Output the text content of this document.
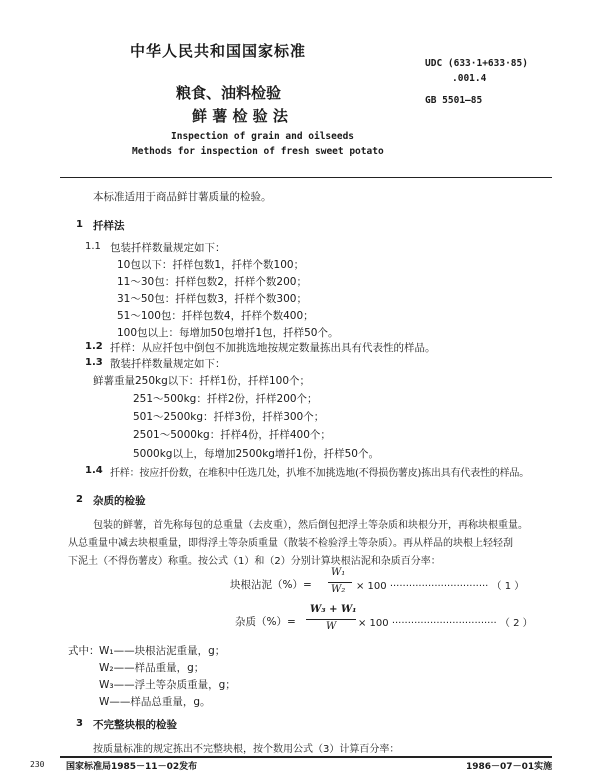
中华人民共和国国家标准
UDC (633·1+633·85)
.001.4
粮食、油料检验	GB 5501—85
鲜 薯 检 验 法
Inspection of grain and oilseeds
Methods for inspection of fresh sweet potato
本标准适用于商品鲜甘薯质量的检验。
1 扦样法
1.1 包装扦样数量规定如下：
10包以下：扦样包数1，扦样个数100；
11～30包：扦样包数2，扦样个数200；
31～50包：扦样包数3，扦样个数300；
51～100包：扦样包数4，扦样个数400；
100包以上：每增加50包增扦1包，扦样50个。
1.2 扦样：从应扦包中倒包不加挑选地按规定数量拣出具有代表性的样品。
1.3 散装扦样数量规定如下：
鲜薯重量250kg以下：扦样1份，扦样100个；
251～500kg：扦样2份，扦样200个；
501～2500kg：扦样3份，扦样300个；
2501～5000kg：扦样4份，扦样400个；
5000kg以上，每增加2500kg增扦1份，扦样50个。
1.4 扦样：按应扦份数，在堆积中任选几处，扒堆不加挑选地(不得损伤薯皮)拣出具有代表性的样品。
2 杂质的检验
包装的鲜薯，首先称每包的总重量（去皮重），然后倒包把浮土等杂质和块根分开，再称块根重量。
从总重量中减去块根重量，即得浮土等杂质重量（散装不检验浮土等杂质）。再从样品的块根上轻轻刮
下泥土（不得伤薯皮）称重。按公式（1）和（2）分别计算块根沾泥和杂质百分率：
块根沾泥（%）=
W₁
W₂ × 100 ······························· （ 1 ）
杂质（%）=
W₃ + W₁
W × 100 ································· （ 2 ）
式中： W₁——块根沾泥重量，g；
W₂——样品重量，g；
W₃——浮土等杂质重量，g；
W——样品总重量，g。
3 不完整块根的检验
按质量标准的规定拣出不完整块根，按个数用公式（3）计算百分率：
国家标准局1985－11－02发布	1986－07－01实施
230
